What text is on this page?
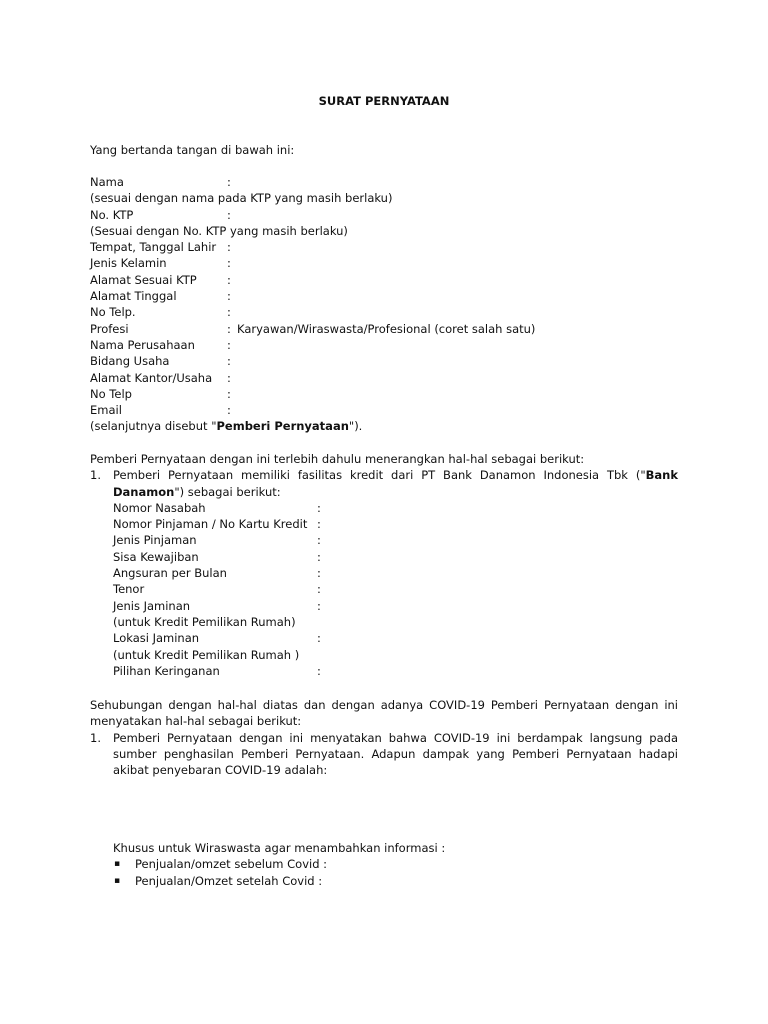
SURAT PERNYATAAN
Yang bertanda tangan di bawah ini:
Nama	:
(sesuai dengan nama pada KTP yang masih berlaku)
No. KTP	:
(Sesuai dengan No. KTP yang masih berlaku)
Tempat, Tanggal Lahir :
Jenis Kelamin	:
Alamat Sesuai KTP	:
Alamat Tinggal	:
No Telp.	:
Profesi	: Karyawan/Wiraswasta/Profesional (coret salah satu)
Nama Perusahaan	:
Bidang Usaha	:
Alamat Kantor/Usaha :
No Telp	:
Email	:
(selanjutnya disebut "Pemberi Pernyataan").
Pemberi Pernyataan dengan ini terlebih dahulu menerangkan hal-hal sebagai berikut:
1. Pemberi Pernyataan memiliki fasilitas kredit dari PT Bank Danamon Indonesia Tbk ("Bank Danamon") sebagai berikut:
Nomor Nasabah	:
Nomor Pinjaman / No Kartu Kredit :
Jenis Pinjaman	:
Sisa Kewajiban	:
Angsuran per Bulan	:
Tenor	:
Jenis Jaminan	:
(untuk Kredit Pemilikan Rumah)
Lokasi Jaminan	:
(untuk Kredit Pemilikan Rumah )
Pilihan Keringanan	:
Sehubungan dengan hal-hal diatas dan dengan adanya COVID-19 Pemberi Pernyataan dengan ini menyatakan hal-hal sebagai berikut:
1. Pemberi Pernyataan dengan ini menyatakan bahwa COVID-19 ini berdampak langsung pada sumber penghasilan Pemberi Pernyataan. Adapun dampak yang Pemberi Pernyataan hadapi akibat penyebaran COVID-19 adalah:
Khusus untuk Wiraswasta agar menambahkan informasi :
▪ Penjualan/omzet sebelum Covid :
▪ Penjualan/Omzet setelah Covid :
